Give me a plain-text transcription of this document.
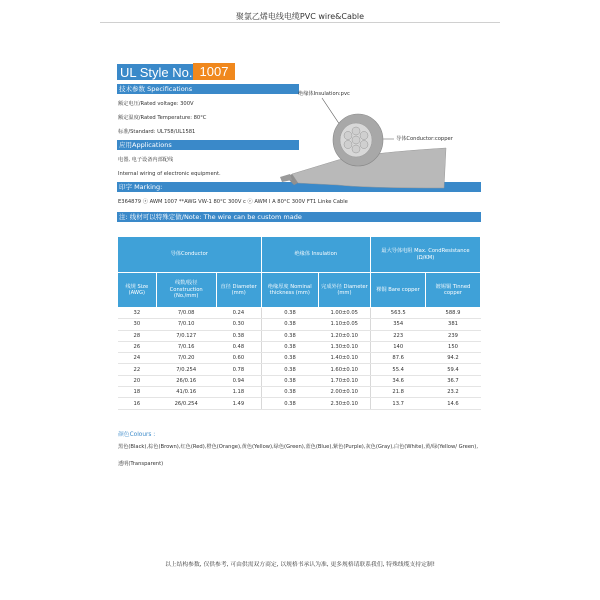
聚氯乙烯电线电缆PVC wire&Cable
UL Style No. 1007
技术参数 Specifications
额定电压/Rated voltage: 300V
额定温度/Rated Temperature: 80°C
标准/Standard: UL758/UL1581
应用Applications
电器, 电子设备内部配线
Internal wiring of electronic equipment.
印字 Marking:
E364879 ⓡ AWM 1007 **AWG VW-1 80°C 300V c ⓡ AWM I A 80°C 300V FT1 Linke Cable
注: 线材可以特殊定做/Note: The wire can be custom made
绝缘体Insulation:pvc
导体Conductor:copper
导体Conductor			绝缘体 Insulation		最大导体电阻 Max. CondResistance (Ω/KM)	
线规 Size (AWG)	线数/股径 Construction (No./mm)	直径 Diameter (mm)	绝缘厚度 Nominal thickness (mm)	完成外径 Diameter (mm)	裸铜 Bare copper	镀锡铜 Tinned copper
32	7/0.08	0.24	0.38	1.00±0.05	563.5	588.9
30	7/0.10	0.30	0.38	1.10±0.05	354	381
28	7/0.127	0.38	0.38	1.20±0.10	223	239
26	7/0.16	0.48	0.38	1.30±0.10	140	150
24	7/0.20	0.60	0.38	1.40±0.10	87.6	94.2
22	7/0.254	0.78	0.38	1.60±0.10	55.4	59.4
20	26/0.16	0.94	0.38	1.70±0.10	34.6	36.7
18	41/0.16	1.18	0.38	2.00±0.10	21.8	23.2
16	26/0.254	1.49	0.38	2.30±0.10	13.7	14.6
颜色Colours :
黑色(Black),棕色(Brown),红色(Red),橙色(Orange),黄色(Yellow),绿色(Green),蓝色(Blue),紫色(Purple),灰色(Gray),白色(White),黄/绿(Yellow/ Green),透明(Transparent)
以上结构参数, 仅供参考, 可由供需双方商定, 以规格书承认为准, 更多规格请联系我们, 特殊线缆支持定制!
